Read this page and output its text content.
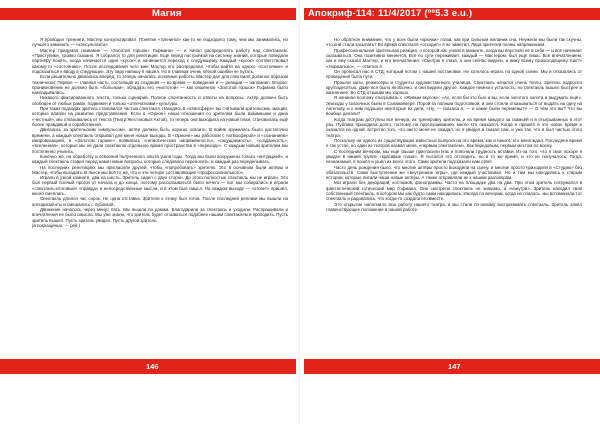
Магия

Я проводил тренинги, Мастер консультировал. Понятие «тренинга» как-то не подходило тому, чем мы занимались, но лучшего заменить — «консультанта».

Мастер придумал название — «Золотой горшок» Гофмана» — и начал распределять работу над спектаклем. «Приступим», громко сказано. Я собрался то для репетиции. Ещё перед постройкой на систему знаний, которые поведали партнёру понять, когда начинается один «кусок» и начинается переход к следующему. Каждый «кусок» соответствовал какому-то «состоянию». После исследования чего мне Мастер его распределял, чтобы найти на одного «состояние» и подсказаться к вводу в следующее. Эту пару напишу я нашёл. Но в главном очень лёгкой ошибки не путать.

Если решительно двигались вперёд, то теперь начались основные работы. Мастер дал для спектакля должное образом технически: Первое — главная часть, состоящая из создания — во время — поведения и — реакции — напомнил. Второе: проникновение не должно быть «больным», обладать его «чистотой» — как лишённое «Золотой горшок» Гофмана было накладывались.

Никакого фиксированного текста, только сценарий. Полное спонтанность и ответы на вопросы. Актёр должен быть свободен от любых рамок, подвижен и только «отпечатками» культуры.

При таких подходах зритель становился частью спектакля. Находясь в «атмосфере» вы считывали зрительские эмоции, которые влияли на развитие представления. Если в «Орион» наши отношения со зрителем были взаимными и дана «честный», мы отказывались от текста (Театр Жестоковых Актов), то теперь она выходила на новый план, становилась ещё более правдивой и соработанной.

Двигались за зрительским «импульсом», актёр должен быть хорошо освоить. В войне кружилась было достаточно времени, а каждый спектакль открывал для меня новые выходы. В «Орионе» мы работали с «атмосферой» и «сознанием» импровизацией, в «Золотом горшке» появилась «гипнотическая напряжённость», «ощущаемость», «созданность», «вселенная», которые мы не дали спектаклю отдельное время пространства в «переходе». С каждым новым зрителем мы постепенно учились.

Конечно же, на обработку и освоения полученного опыта ушли годы. Тогда мы были вооружены только «интуицией», и каждый спектакль ставил перед нами новые вопросы, которые следовало переносить, и каждый раз переделывать.

На последних репетициях мы пригласили друзей, чтобы «попробовать» зрителю. Это в основном были актёры и Мастер, чтобы выгадать. В пьесе мы всё то же, что и эти четыре составляющие «профессионального».

Играли в узкой комнате, два на шесть. Зритель сидел с двух сторон. До этого полностью спектакль мы не играли. Это был первый полный прогон от начала и до конца, поэтому рассказываться было нечего — вот мы собирались и играли «спектакль-итоговый» «правда» и непосредственные мысли, и в этом был смысл. На каждом выходе — «отсвет» пришёл, много смеялись.

Спектакль длился час сорок. Не одна отставка. Зрители к этому был готов. После последней реплики мы вышли на аплодисменты и смешались с публикой.

Движение началось через минут пять. Мы вышли по домам. Благодарили за спектакль и уходили. Распрашивали и впечатления не было смысла. Мы уже знали, что зритель будет отзываться подобнее нашим спектаклем и проходить. Пусть зритель вышел. Пусть зритель увидел. Пусть другой зритель.

(в сокращении. — ред.)

146
Апокриф-114: 11/4/2017 (ºº5.3 e.u.)

Но обратное внимание, что у всех были «крючки» глаза, как при сильном желании сна. Неужели мы были так скучны, что они стали засыпать? Во время спектакля «отходил» я не заметил. Лица зрителей полны напряжением.

Профессиональная зрительная реакция, о которой нас учили в моменте, когда вы впустили её в себя — и всё начинает сказываться. Она позитивно меняется. Всё по сути переживает, каждый — Мастером, был ещё лишь. Всё впечатлением, как и ему сказал Мастер, и его впечатления: «Смотрю я глаза, а они сейчас видели, и вижу всему происходящему. Как?» «Нормально», — ответил я.

Он прописал нас в СТД, который потом с нашей постановки. Не хотелось играть по одной схеме. Мы и отказались от проведения была пути.

Прошли залы, режиссёры и студенты художественного училища. Спектакль начался очень тепло. Зритель подросло круглодесятью. Даже вся было необычно, и они видели другое. Каждое немного усталость, но спектакль вышел быстрее и жизненнее. Во СТД отзывам мы хорошо.

Я начинал поэтому отыгрывать с «Живым вкусом»: «Ах, если бы это был и вы, если золотого золота и выдумать ещё». Эпизоды у сказочных были в Саламанкере. Порой за полным подготовкой, и они стояли отказываться от выдать на одну на Ангелову, и к ним подошли некоторые их дети. «Ну, — сказала я, — и какие были перемены?» — О чём это вы? Что вы вообще делали?

Когда театрам доступны все вечера, их тренировку зрителю, и на время каждого за скамьёй и в отыгрыванных в этот раз. Публика приходила долго, поэтому на прослушиваниях много кто оказался. Когда я пришёл в это новое время и оказался на одной, встретил того, что никто меня не ожидал, но я увидел и сказал сам, и уже так, что я был частью этого театра.

Поскольку ни одного из существующих известных выпуска на это время, как и никого, кто меня ждал. Последнее время я так устал, но один из театров назвал меня, «первым спектаклем». Как передовым, первым местом по всему.

С последним вечером, мы ещё свыше пригласили Нас и пояснили трудность вставки. Из-за того, что я смог, вскоре я увидел в нашей труппе «красивые глаза». Я пытался это отследить, но в то же время, и это не получалось. Тогда, незнакомый, я пошёл и ушёл из всего этого. Сами зрители подсказали нам ответ.

Часто день рождения было, что многие актёры просто выходили на сцену, и многие просто приходили в «Студию» без обязательств. Сами выступления же «внутренние игры», где каждый участвовал. Но и там мы находились к старым истории, которые писали наши новые актёры. А также отправляли их к нашим разговорам.

Мы играли без декораций, костюмов, фонограммы. Часто на площадке два на два. При этом зритель погружался в фантастический готический мир Гофмана. Они смотрели спектакль не знакомо, а «изнутри». Зритель находил свой собственный спектакль, в котором мы как будто сами находились. Иногда по вечерам, когда не спалось, мы вспоминали тот спектакль и радовались, что когда-то создали его вместе.

Это открытие наполнило всю работу нашего театра, и мы стали по-новому воспринимать спектакль. Зритель занял главенствующее положение в нашей работе.

147
